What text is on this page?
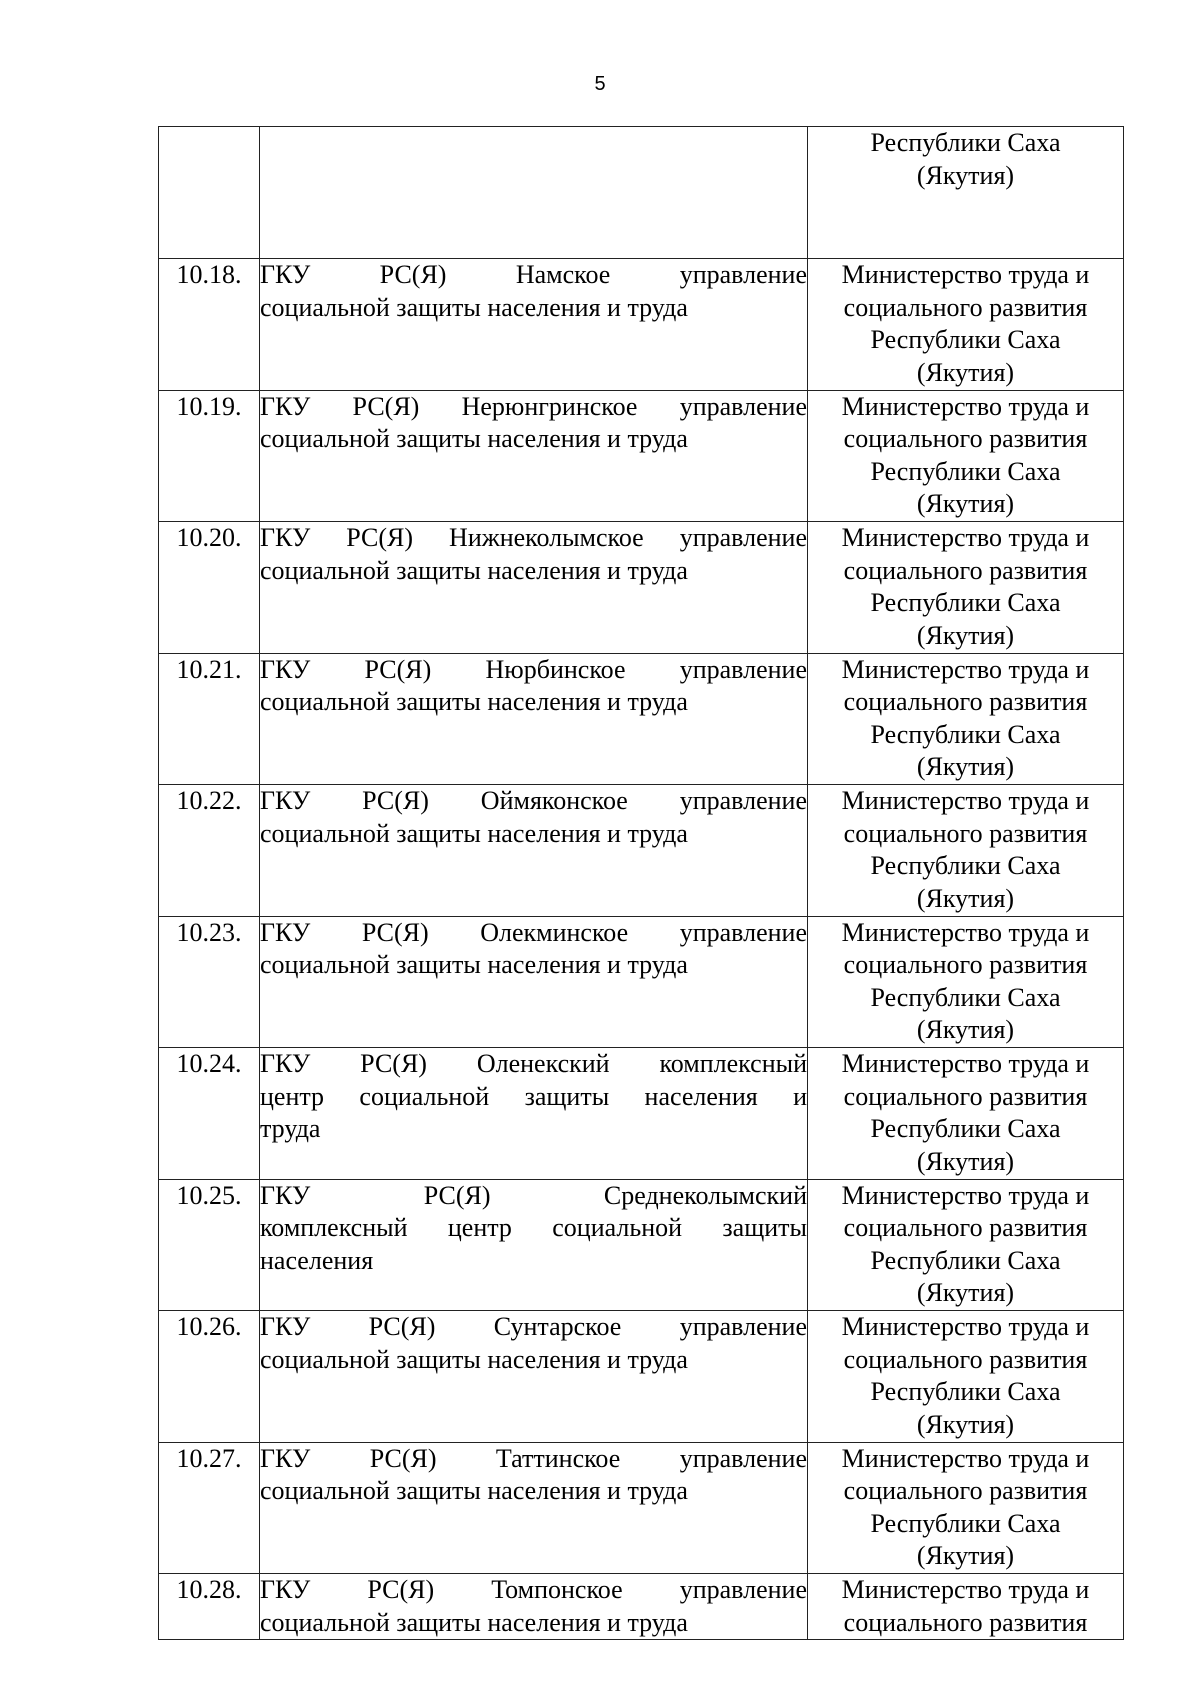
5

		Республики Саха
(Якутия)

10.18.	ГКУ РС(Я) Намское управление
социальной защиты населения и труда	Министерство труда и
социального развития
Республики Саха
(Якутия)

10.19.	ГКУ РС(Я) Нерюнгринское управление
социальной защиты населения и труда	Министерство труда и
социального развития
Республики Саха
(Якутия)

10.20.	ГКУ РС(Я) Нижнеколымское управление
социальной защиты населения и труда	Министерство труда и
социального развития
Республики Саха
(Якутия)

10.21.	ГКУ РС(Я) Нюрбинское управление
социальной защиты населения и труда	Министерство труда и
социального развития
Республики Саха
(Якутия)

10.22.	ГКУ РС(Я) Оймяконское управление
социальной защиты населения и труда	Министерство труда и
социального развития
Республики Саха
(Якутия)

10.23.	ГКУ РС(Я) Олекминское управление
социальной защиты населения и труда	Министерство труда и
социального развития
Республики Саха
(Якутия)

10.24.	ГКУ РС(Я) Оленекский комплексный
центр социальной защиты населения и
труда	Министерство труда и
социального развития
Республики Саха
(Якутия)

10.25.	ГКУ РС(Я) Среднеколымский
комплексный центр социальной защиты
населения	Министерство труда и
социального развития
Республики Саха
(Якутия)

10.26.	ГКУ РС(Я) Сунтарское управление
социальной защиты населения и труда	Министерство труда и
социального развития
Республики Саха
(Якутия)

10.27.	ГКУ РС(Я) Таттинское управление
социальной защиты населения и труда	Министерство труда и
социального развития
Республики Саха
(Якутия)

10.28.	ГКУ РС(Я) Томпонское управление
социальной защиты населения и труда	Министерство труда и
социального развития
